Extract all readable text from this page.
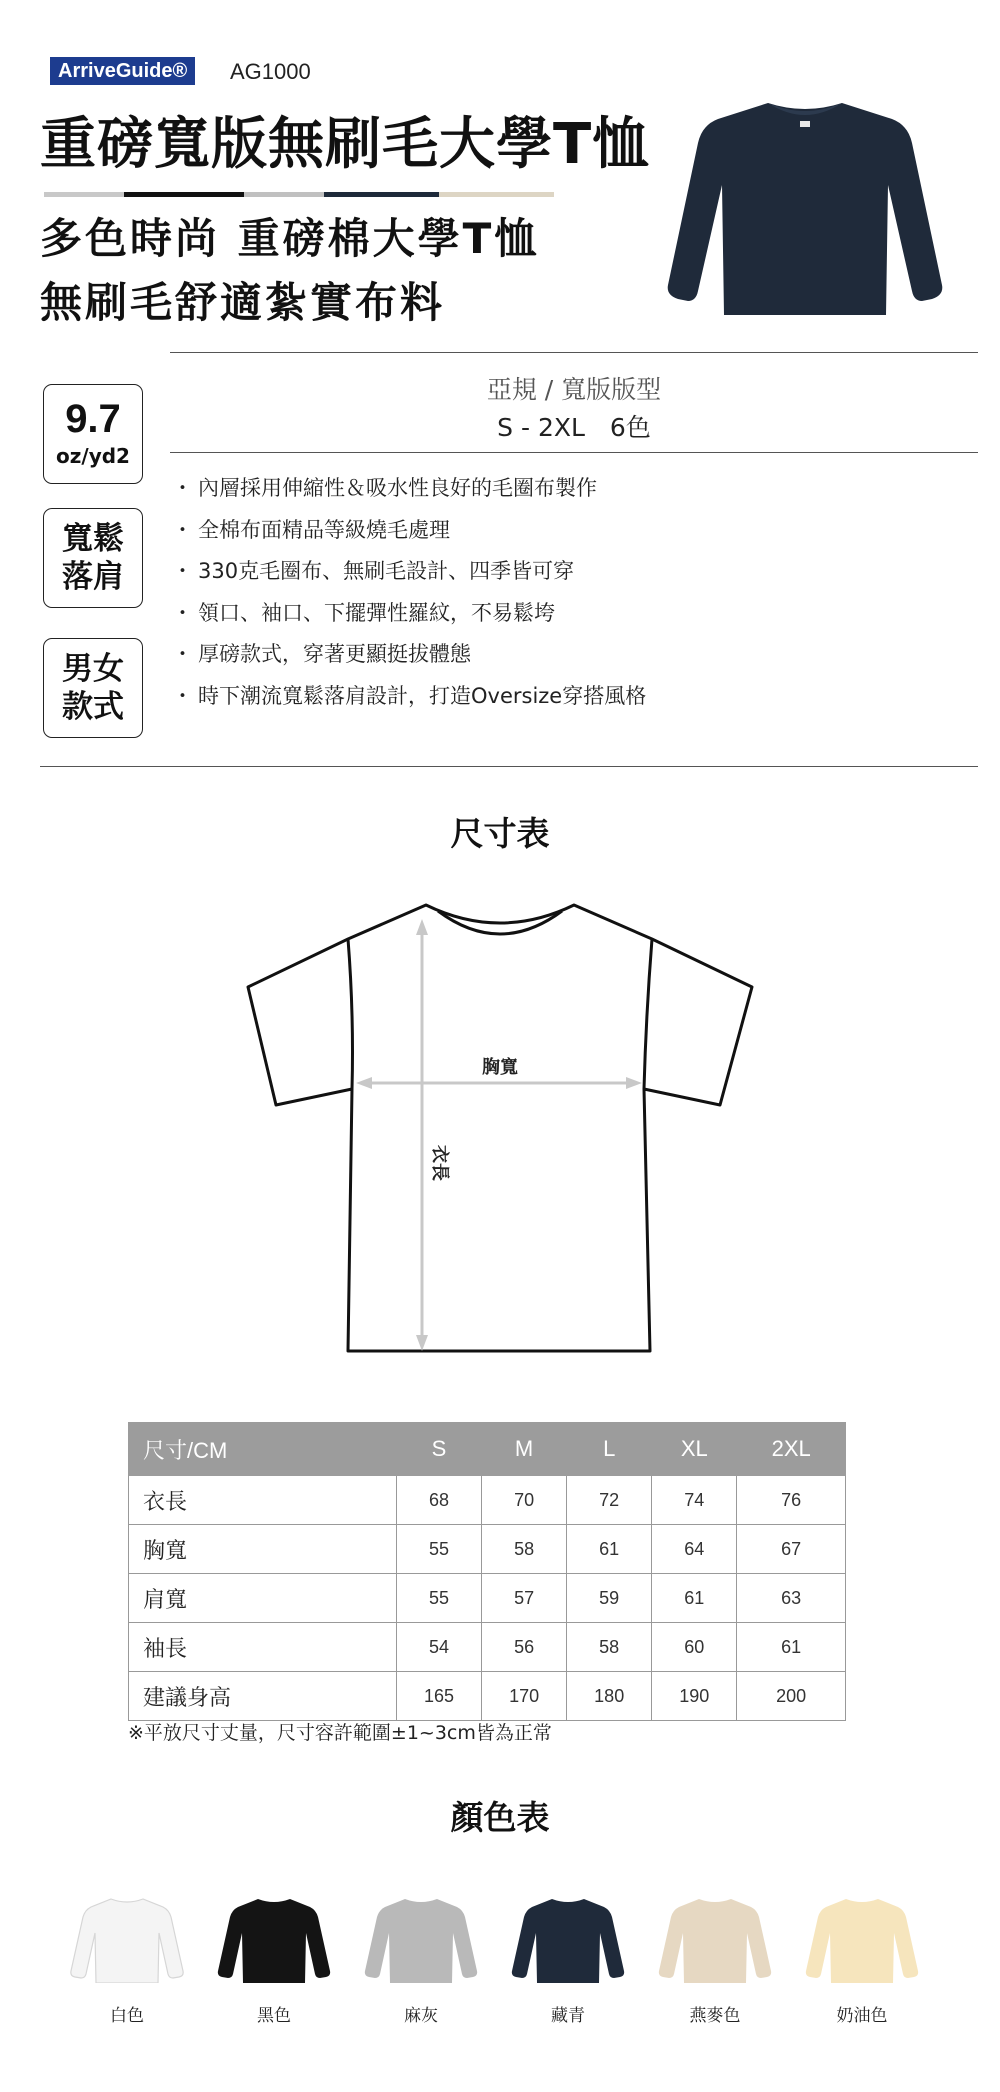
ArriveGuide®	AG1000
重磅寬版無刷毛大學T恤
多色時尚 重磅棉大學T恤
無刷毛舒適紮實布料
亞規 / 寬版版型
S - 2XL　6色
9.7
oz/yd2
寬鬆
落肩
男女
款式
・ 內層採用伸縮性＆吸水性良好的毛圈布製作
・ 全棉布面精品等級燒毛處理
・ 330克毛圈布、無刷毛設計、四季皆可穿
・ 領口、袖口、下擺彈性羅紋，不易鬆垮
・ 厚磅款式，穿著更顯挺拔體態
・ 時下潮流寬鬆落肩設計，打造Oversize穿搭風格
尺寸表
胸寬
衣長
尺寸/CM	S	M	L	XL	2XL
衣長	68	70	72	74	76
胸寬	55	58	61	64	67
肩寬	55	57	59	61	63
袖長	54	56	58	60	61
建議身高	165	170	180	190	200
※平放尺寸丈量，尺寸容許範圍±1~3cm皆為正常
顏色表
白色	黑色	麻灰	藏青	燕麥色	奶油色
